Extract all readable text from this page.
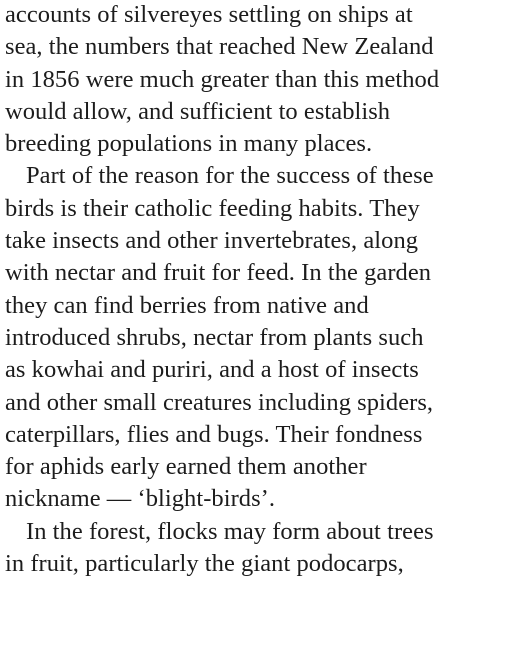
accounts of silvereyes settling on ships at
sea, the numbers that reached New Zealand
in 1856 were much greater than this method
would allow, and sufficient to establish
breeding populations in many places.
Part of the reason for the success of these
birds is their catholic feeding habits. They
take insects and other invertebrates, along
with nectar and fruit for feed. In the garden
they can find berries from native and
introduced shrubs, nectar from plants such
as kowhai and puriri, and a host of insects
and other small creatures including spiders,
caterpillars, flies and bugs. Their fondness
for aphids early earned them another
nickname — ‘blight-birds’.
In the forest, flocks may form about trees
in fruit, particularly the giant podocarps,
